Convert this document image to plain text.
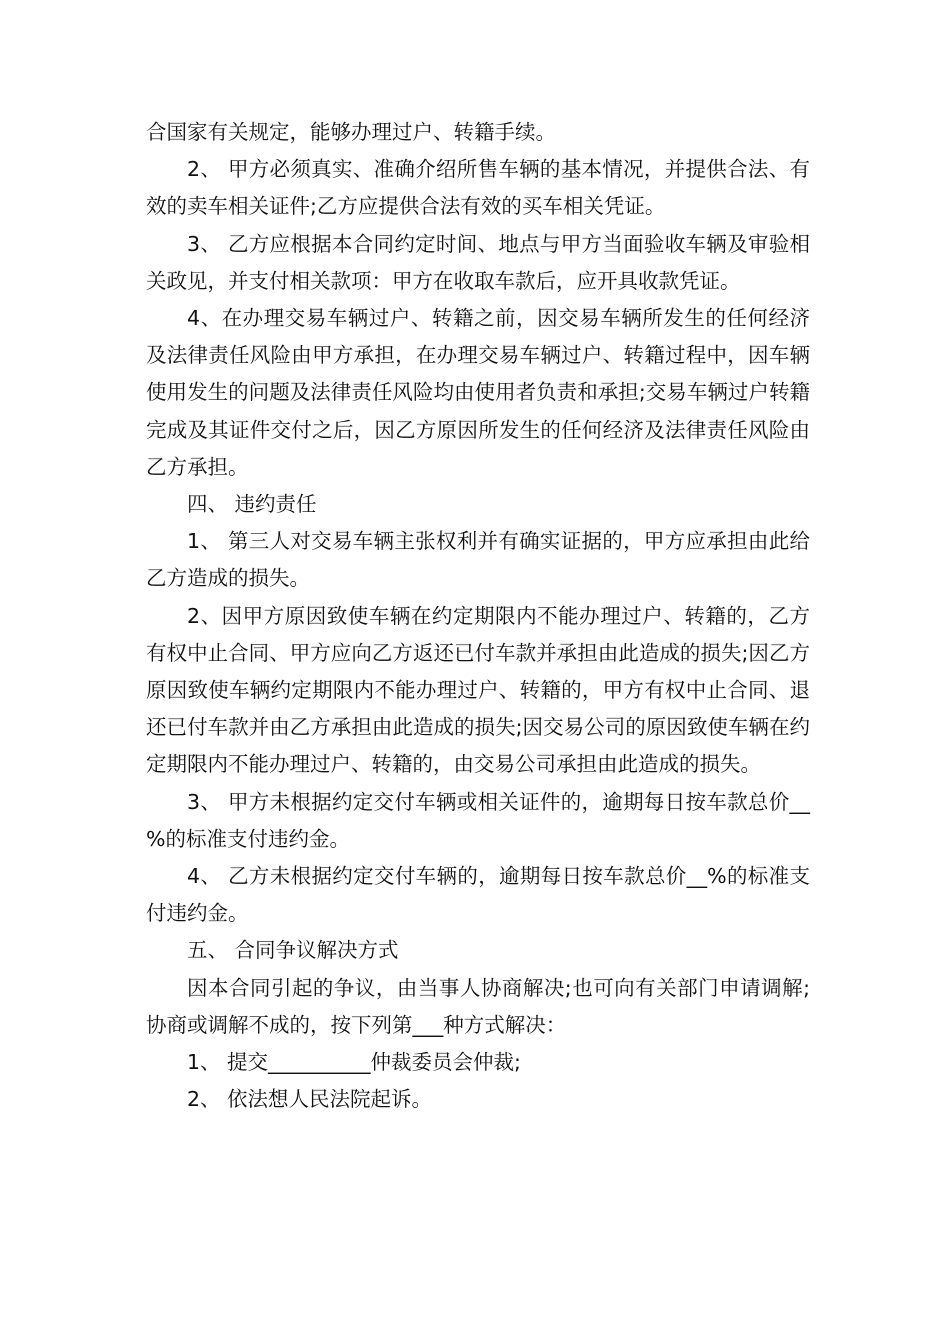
合国家有关规定，能够办理过户、转籍手续。

2、 甲方必须真实、准确介绍所售车辆的基本情况，并提供合法、有效的卖车相关证件;乙方应提供合法有效的买车相关凭证。

3、 乙方应根据本合同约定时间、地点与甲方当面验收车辆及审验相关政见，并支付相关款项：甲方在收取车款后，应开具收款凭证。

4、在办理交易车辆过户、转籍之前，因交易车辆所发生的任何经济及法律责任风险由甲方承担，在办理交易车辆过户、转籍过程中，因车辆使用发生的问题及法律责任风险均由使用者负责和承担;交易车辆过户转籍完成及其证件交付之后，因乙方原因所发生的任何经济及法律责任风险由乙方承担。

四、 违约责任

1、 第三人对交易车辆主张权利并有确实证据的，甲方应承担由此给乙方造成的损失。

2、因甲方原因致使车辆在约定期限内不能办理过户、转籍的，乙方有权中止合同、甲方应向乙方返还已付车款并承担由此造成的损失;因乙方原因致使车辆约定期限内不能办理过户、转籍的，甲方有权中止合同、退还已付车款并由乙方承担由此造成的损失;因交易公司的原因致使车辆在约定期限内不能办理过户、转籍的，由交易公司承担由此造成的损失。

3、 甲方未根据约定交付车辆或相关证件的，逾期每日按车款总价__%的标准支付违约金。

4、 乙方未根据约定交付车辆的，逾期每日按车款总价__%的标准支付违约金。

五、 合同争议解决方式

因本合同引起的争议，由当事人协商解决;也可向有关部门申请调解;协商或调解不成的，按下列第___种方式解决：

1、 提交__________仲裁委员会仲裁;

2、 依法想人民法院起诉。
